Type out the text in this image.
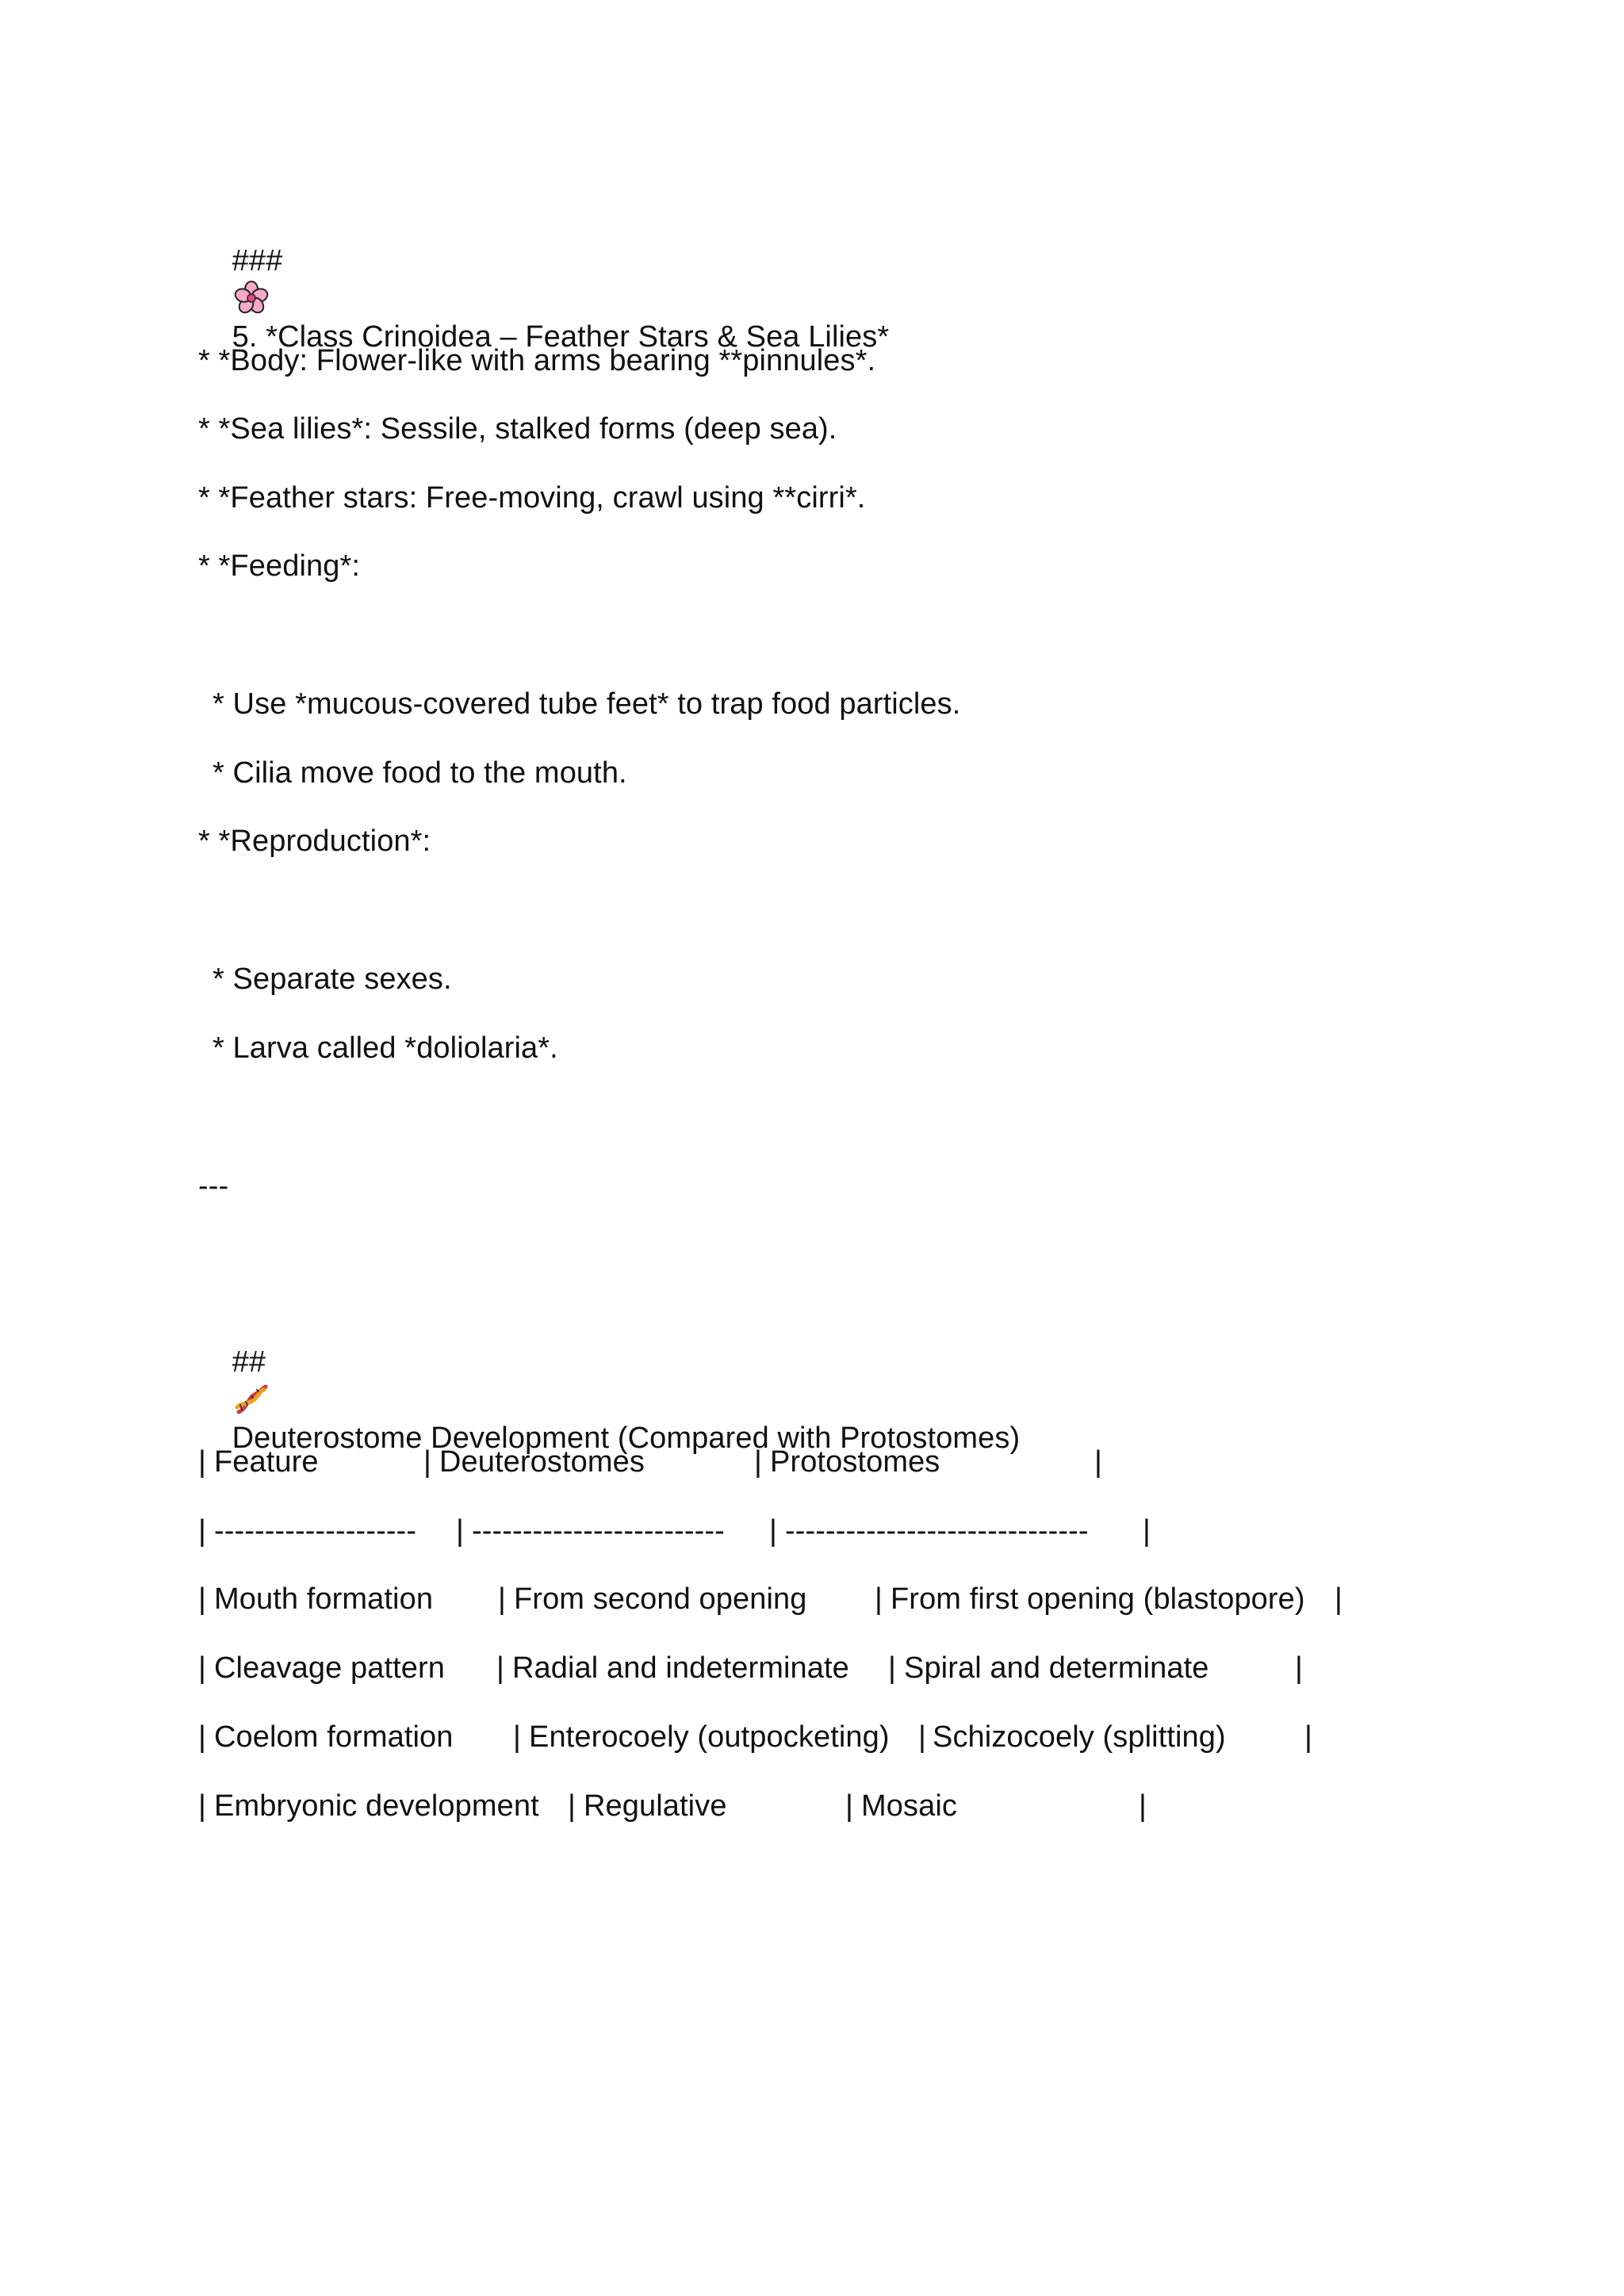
###

5. *Class Crinoidea – Feather Stars & Sea Lilies*

* *Body: Flower-like with arms bearing **pinnules*.
* *Sea lilies*: Sessile, stalked forms (deep sea).
* *Feather stars: Free-moving, crawl using **cirri*.
* *Feeding*:
* Use *mucous-covered tube feet* to trap food particles.
* Cilia move food to the mouth.
* *Reproduction*:
* Separate sexes.
* Larva called *doliolaria*.
---

##

Deuterostome Development (Compared with Protostomes)

| Feature	| Deuterostomes	| Protostomes	|
| -------------------- | ------------------------- | ------------------------------ |
| Mouth formation | From second opening | From first opening (blastopore) |
| Cleavage pattern | Radial and indeterminate | Spiral and determinate	|
| Coelom formation | Enterocoely (outpocketing) | Schizocoely (splitting)	|
| Embryonic development | Regulative	| Mosaic	|
